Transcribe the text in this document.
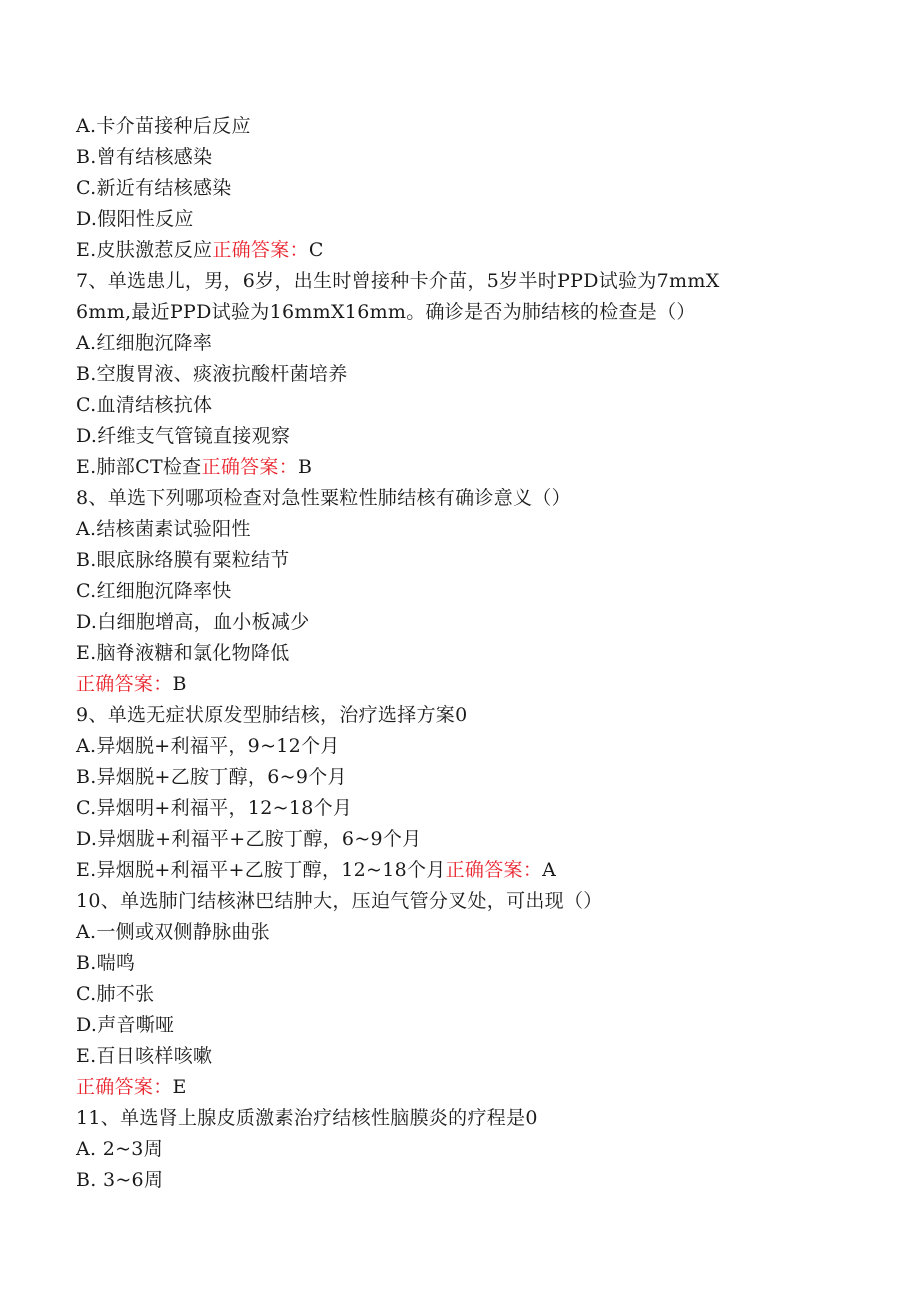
A.卡介苗接种后反应
B.曾有结核感染
C.新近有结核感染
D.假阳性反应
E.皮肤激惹反应正确答案：C
7、单选患儿，男，6岁，出生时曾接种卡介苗，5岁半时PPD试验为7mmX
6mm,最近PPD试验为16mmX16mm。确诊是否为肺结核的检查是（）
A.红细胞沉降率
B.空腹胃液、痰液抗酸杆菌培养
C.血清结核抗体
D.纤维支气管镜直接观察
E.肺部CT检查正确答案：B
8、单选下列哪项检查对急性粟粒性肺结核有确诊意义（）
A.结核菌素试验阳性
B.眼底脉络膜有粟粒结节
C.红细胞沉降率快
D.白细胞增高，血小板减少
E.脑脊液糖和氯化物降低
正确答案：B
9、单选无症状原发型肺结核，治疗选择方案0
A.异烟脱+利福平，9~12个月
B.异烟脱+乙胺丁醇，6~9个月
C.异烟明+利福平，12~18个月
D.异烟胧+利福平+乙胺丁醇，6~9个月
E.异烟脱+利福平+乙胺丁醇，12~18个月正确答案：A
10、单选肺门结核淋巴结肿大，压迫气管分叉处，可出现（）
A.一侧或双侧静脉曲张
B.喘鸣
C.肺不张
D.声音嘶哑
E.百日咳样咳嗽
正确答案：E
11、单选肾上腺皮质激素治疗结核性脑膜炎的疗程是0
A. 2~3周
B. 3~6周
